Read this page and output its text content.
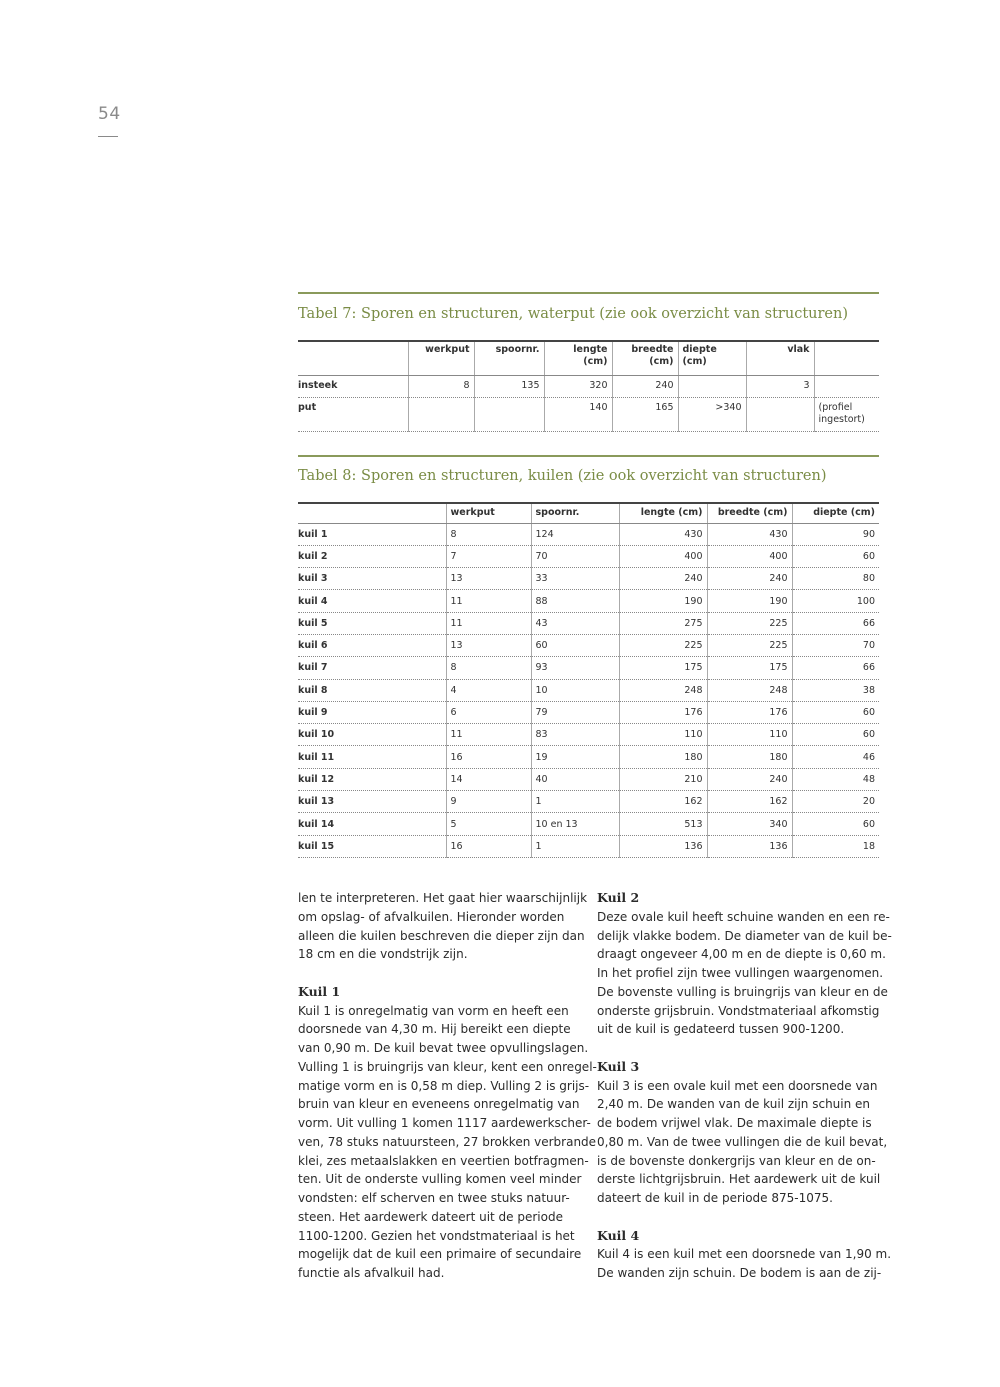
54
Tabel 7: Sporen en structuren, waterput (zie ook overzicht van structuren)
	werkput	spoornr.	lengte (cm)	breedte (cm)	diepte (cm)	vlak	
insteek	8	135	320	240		3	
put			140	165	>340		(profiel ingestort)
Tabel 8: Sporen en structuren, kuilen (zie ook overzicht van structuren)
	werkput	spoornr.	lengte (cm)	breedte (cm)	diepte (cm)
kuil 1	8	124	430	430	90
kuil 2	7	70	400	400	60
kuil 3	13	33	240	240	80
kuil 4	11	88	190	190	100
kuil 5	11	43	275	225	66
kuil 6	13	60	225	225	70
kuil 7	8	93	175	175	66
kuil 8	4	10	248	248	38
kuil 9	6	79	176	176	60
kuil 10	11	83	110	110	60
kuil 11	16	19	180	180	46
kuil 12	14	40	210	240	48
kuil 13	9	1	162	162	20
kuil 14	5	10 en 13	513	340	60
kuil 15	16	1	136	136	18
len te interpreteren. Het gaat hier waarschijnlijk
om opslag- of afvalkuilen. Hieronder worden
alleen die kuilen beschreven die dieper zijn dan
18 cm en die vondstrijk zijn.
Kuil 1
Kuil 1 is onregelmatig van vorm en heeft een
doorsnede van 4,30 m. Hij bereikt een diepte
van 0,90 m. De kuil bevat twee opvullingslagen.
Vulling 1 is bruingrijs van kleur, kent een onregel-
matige vorm en is 0,58 m diep. Vulling 2 is grijs-
bruin van kleur en eveneens onregelmatig van
vorm. Uit vulling 1 komen 1117 aardewerkscher-
ven, 78 stuks natuursteen, 27 brokken verbrande
klei, zes metaalslakken en veertien botfragmen-
ten. Uit de onderste vulling komen veel minder
vondsten: elf scherven en twee stuks natuur-
steen. Het aardewerk dateert uit de periode
1100-1200. Gezien het vondstmateriaal is het
mogelijk dat de kuil een primaire of secundaire
functie als afvalkuil had.
Kuil 2
Deze ovale kuil heeft schuine wanden en een re-
delijk vlakke bodem. De diameter van de kuil be-
draagt ongeveer 4,00 m en de diepte is 0,60 m.
In het profiel zijn twee vullingen waargenomen.
De bovenste vulling is bruingrijs van kleur en de
onderste grijsbruin. Vondstmateriaal afkomstig
uit de kuil is gedateerd tussen 900-1200.
Kuil 3
Kuil 3 is een ovale kuil met een doorsnede van
2,40 m. De wanden van de kuil zijn schuin en
de bodem vrijwel vlak. De maximale diepte is
0,80 m. Van de twee vullingen die de kuil bevat,
is de bovenste donkergrijs van kleur en de on-
derste lichtgrijsbruin. Het aardewerk uit de kuil
dateert de kuil in de periode 875-1075.
Kuil 4
Kuil 4 is een kuil met een doorsnede van 1,90 m.
De wanden zijn schuin. De bodem is aan de zij-
